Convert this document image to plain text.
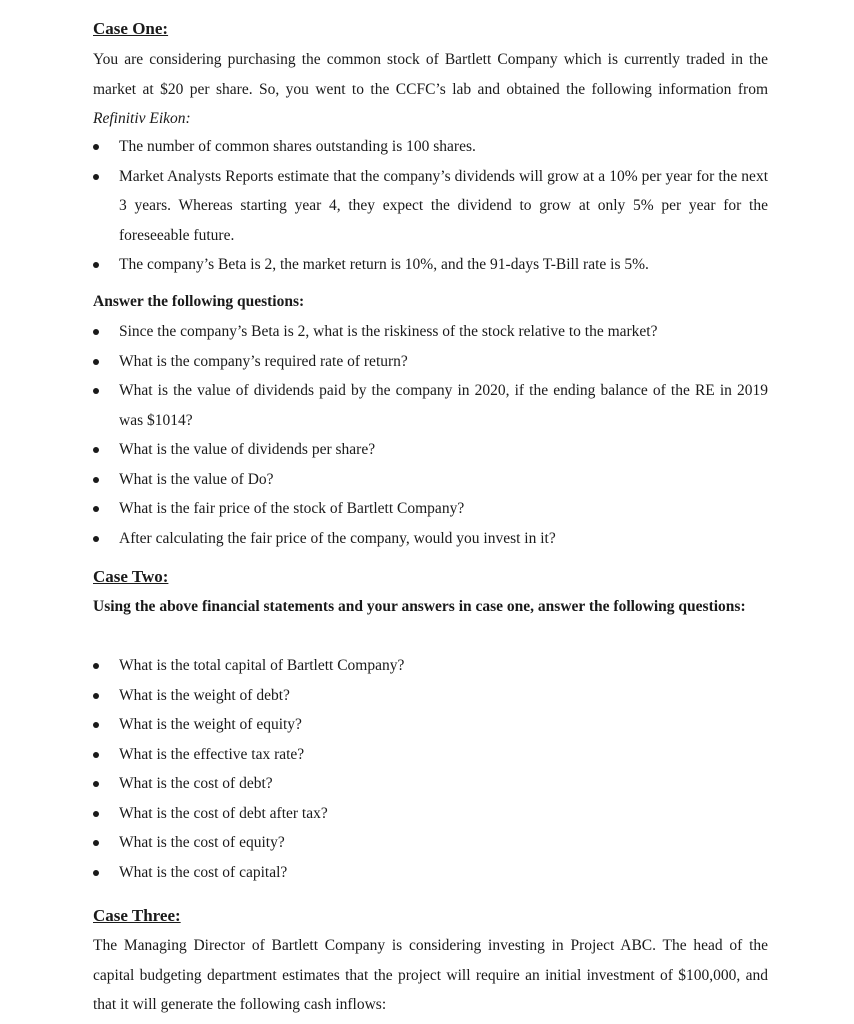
Case One:
You are considering purchasing the common stock of Bartlett Company which is currently traded in the market at $20 per share. So, you went to the CCFC’s lab and obtained the following information from Refinitiv Eikon:
The number of common shares outstanding is 100 shares.
Market Analysts Reports estimate that the company’s dividends will grow at a 10% per year for the next 3 years. Whereas starting year 4, they expect the dividend to grow at only 5% per year for the foreseeable future.
The company’s Beta is 2, the market return is 10%, and the 91-days T-Bill rate is 5%.
Answer the following questions:
Since the company’s Beta is 2, what is the riskiness of the stock relative to the market?
What is the company’s required rate of return?
What is the value of dividends paid by the company in 2020, if the ending balance of the RE in 2019 was $1014?
What is the value of dividends per share?
What is the value of Do?
What is the fair price of the stock of Bartlett Company?
After calculating the fair price of the company, would you invest in it?
Case Two:
Using the above financial statements and your answers in case one, answer the following questions:
What is the total capital of Bartlett Company?
What is the weight of debt?
What is the weight of equity?
What is the effective tax rate?
What is the cost of debt?
What is the cost of debt after tax?
What is the cost of equity?
What is the cost of capital?
Case Three:
The Managing Director of Bartlett Company is considering investing in Project ABC. The head of the capital budgeting department estimates that the project will require an initial investment of $100,000, and that it will generate the following cash inflows:
